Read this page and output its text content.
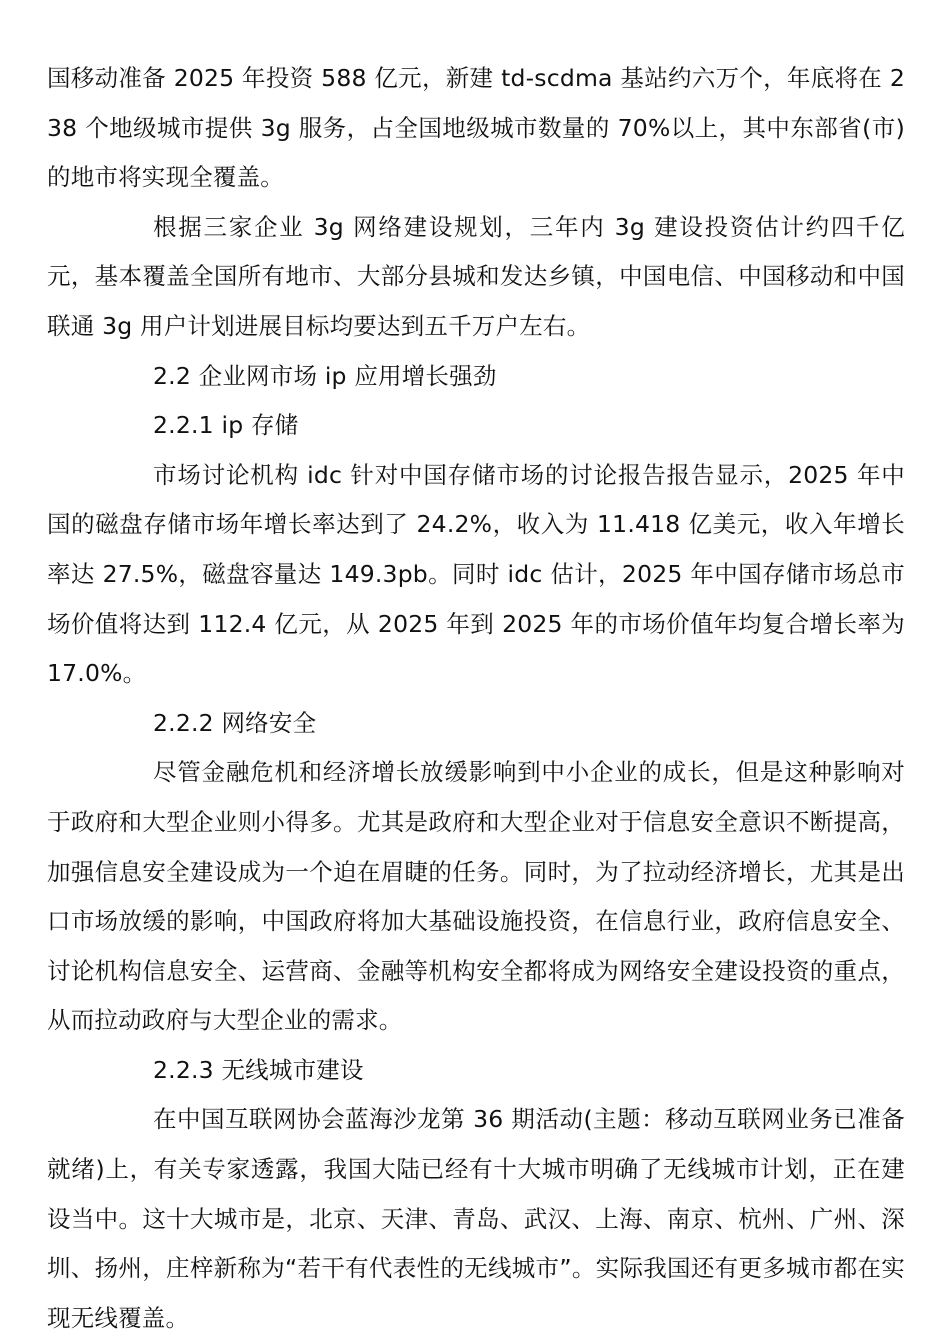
国移动准备 2025 年投资 588 亿元，新建 td-scdma 基站约六万个，年底将在 238 个地级城市提供 3g 服务，占全国地级城市数量的 70%以上，其中东部省(市)的地市将实现全覆盖。

根据三家企业 3g 网络建设规划，三年内 3g 建设投资估计约四千亿元，基本覆盖全国所有地市、大部分县城和发达乡镇，中国电信、中国移动和中国联通 3g 用户计划进展目标均要达到五千万户左右。

2.2 企业网市场 ip 应用增长强劲
2.2.1 ip 存储

市场讨论机构 idc 针对中国存储市场的讨论报告报告显示，2025 年中国的磁盘存储市场年增长率达到了 24.2%，收入为 11.418 亿美元，收入年增长率达 27.5%，磁盘容量达 149.3pb。同时 idc 估计，2025 年中国存储市场总市场价值将达到 112.4 亿元，从 2025 年到 2025 年的市场价值年均复合增长率为 17.0%。

2.2.2 网络安全

尽管金融危机和经济增长放缓影响到中小企业的成长，但是这种影响对于政府和大型企业则小得多。尤其是政府和大型企业对于信息安全意识不断提高，加强信息安全建设成为一个迫在眉睫的任务。同时，为了拉动经济增长，尤其是出口市场放缓的影响，中国政府将加大基础设施投资，在信息行业，政府信息安全、讨论机构信息安全、运营商、金融等机构安全都将成为网络安全建设投资的重点，从而拉动政府与大型企业的需求。

2.2.3 无线城市建设

在中国互联网协会蓝海沙龙第 36 期活动(主题：移动互联网业务已准备就绪)上，有关专家透露，我国大陆已经有十大城市明确了无线城市计划，正在建设当中。这十大城市是，北京、天津、青岛、武汉、上海、南京、杭州、广州、深圳、扬州，庄梓新称为“若干有代表性的无线城市”。实际我国还有更多城市都在实现无线覆盖。
